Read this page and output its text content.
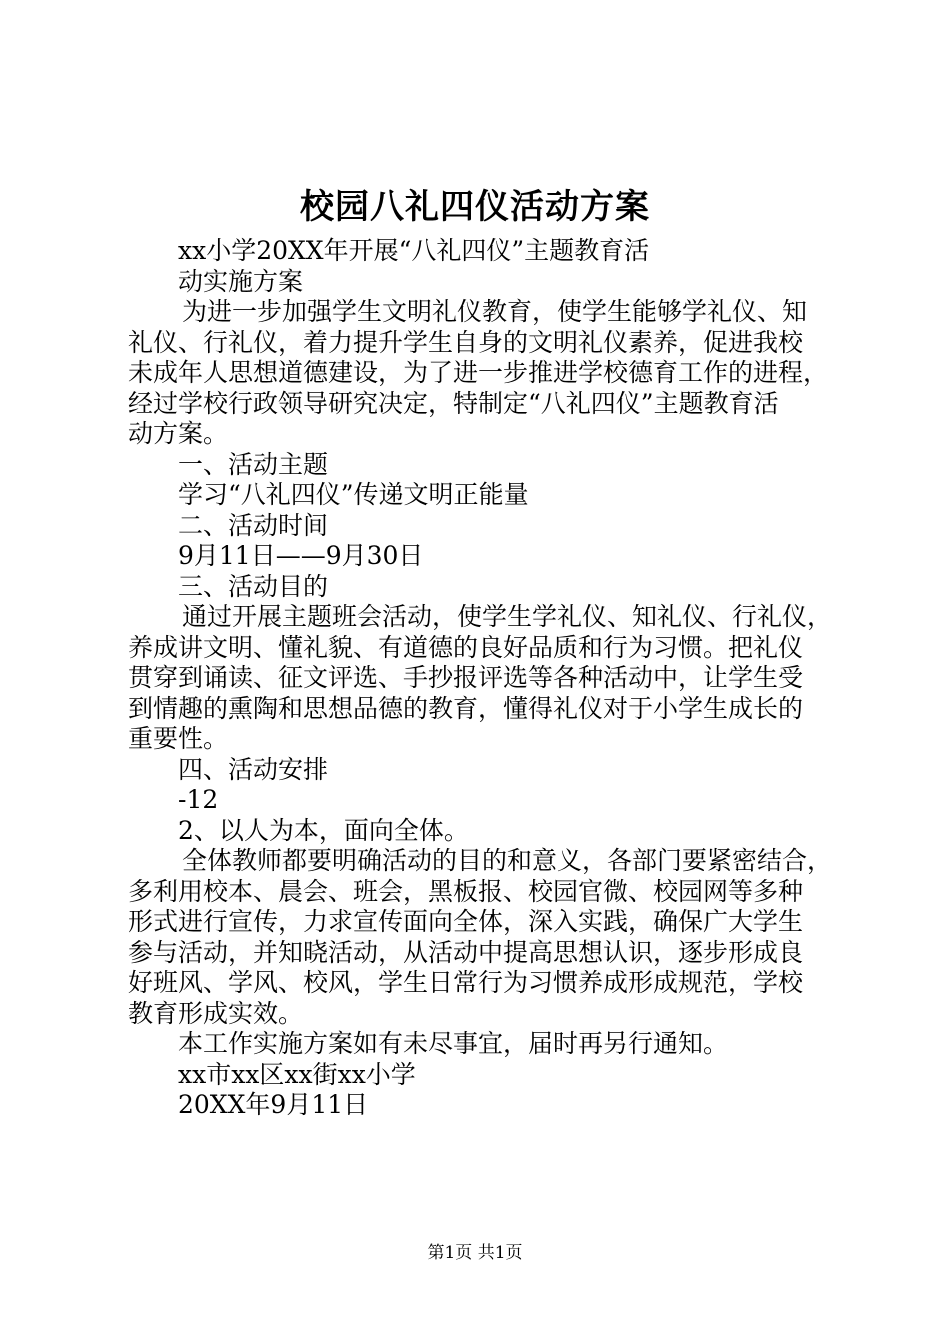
校园八礼四仪活动方案
xx小学20XX年开展“八礼四仪”主题教育活
动实施方案
为进一步加强学生文明礼仪教育，使学生能够学礼仪、知
礼仪、行礼仪，着力提升学生自身的文明礼仪素养，促进我校
未成年人思想道德建设，为了进一步推进学校德育工作的进程，
经过学校行政领导研究决定，特制定“八礼四仪”主题教育活
动方案。
一、活动主题
学习“八礼四仪”传递文明正能量
二、活动时间
9月11日——9月30日
三、活动目的
通过开展主题班会活动，使学生学礼仪、知礼仪、行礼仪，
养成讲文明、懂礼貌、有道德的良好品质和行为习惯。把礼仪
贯穿到诵读、征文评选、手抄报评选等各种活动中，让学生受
到情趣的熏陶和思想品德的教育，懂得礼仪对于小学生成长的
重要性。
四、活动安排
-12
2、以人为本，面向全体。
全体教师都要明确活动的目的和意义，各部门要紧密结合，
多利用校本、晨会、班会，黑板报、校园官微、校园网等多种
形式进行宣传，力求宣传面向全体，深入实践，确保广大学生
参与活动，并知晓活动，从活动中提高思想认识，逐步形成良
好班风、学风、校风，学生日常行为习惯养成形成规范，学校
教育形成实效。
本工作实施方案如有未尽事宜，届时再另行通知。
xx市xx区xx街xx小学
20XX年9月11日
第1页 共1页
